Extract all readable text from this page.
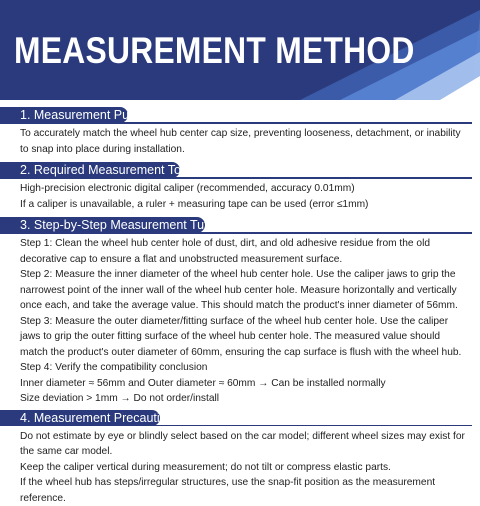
MEASUREMENT METHOD
1. Measurement Purpose

To accurately match the wheel hub center cap size, preventing looseness, detachment, or inability to snap into place during installation.

2. Required Measurement Tools

High-precision electronic digital caliper (recommended, accuracy 0.01mm)

If a caliper is unavailable, a ruler + measuring tape can be used (error ≤1mm)

3. Step-by-Step Measurement Tutorial

Step 1: Clean the wheel hub center hole of dust, dirt, and old adhesive residue from the old decorative cap to ensure a flat and unobstructed measurement surface.

Step 2: Measure the inner diameter of the wheel hub center hole. Use the caliper jaws to grip the narrowest point of the inner wall of the wheel hub center hole. Measure horizontally and vertically once each, and take the average value. This should match the product's inner diameter of 56mm.

Step 3: Measure the outer diameter/fitting surface of the wheel hub center hole. Use the caliper jaws to grip the outer fitting surface of the wheel hub center hole. The measured value should match the product's outer diameter of 60mm, ensuring the cap surface is flush with the wheel hub.

Step 4: Verify the compatibility conclusion

Inner diameter ≈ 56mm and Outer diameter ≈ 60mm → Can be installed normally

Size deviation > 1mm → Do not order/install

4. Measurement Precautions

Do not estimate by eye or blindly select based on the car model; different wheel sizes may exist for the same car model.

Keep the caliper vertical during measurement; do not tilt or compress elastic parts.

If the wheel hub has steps/irregular structures, use the snap-fit position as the measurement reference.
